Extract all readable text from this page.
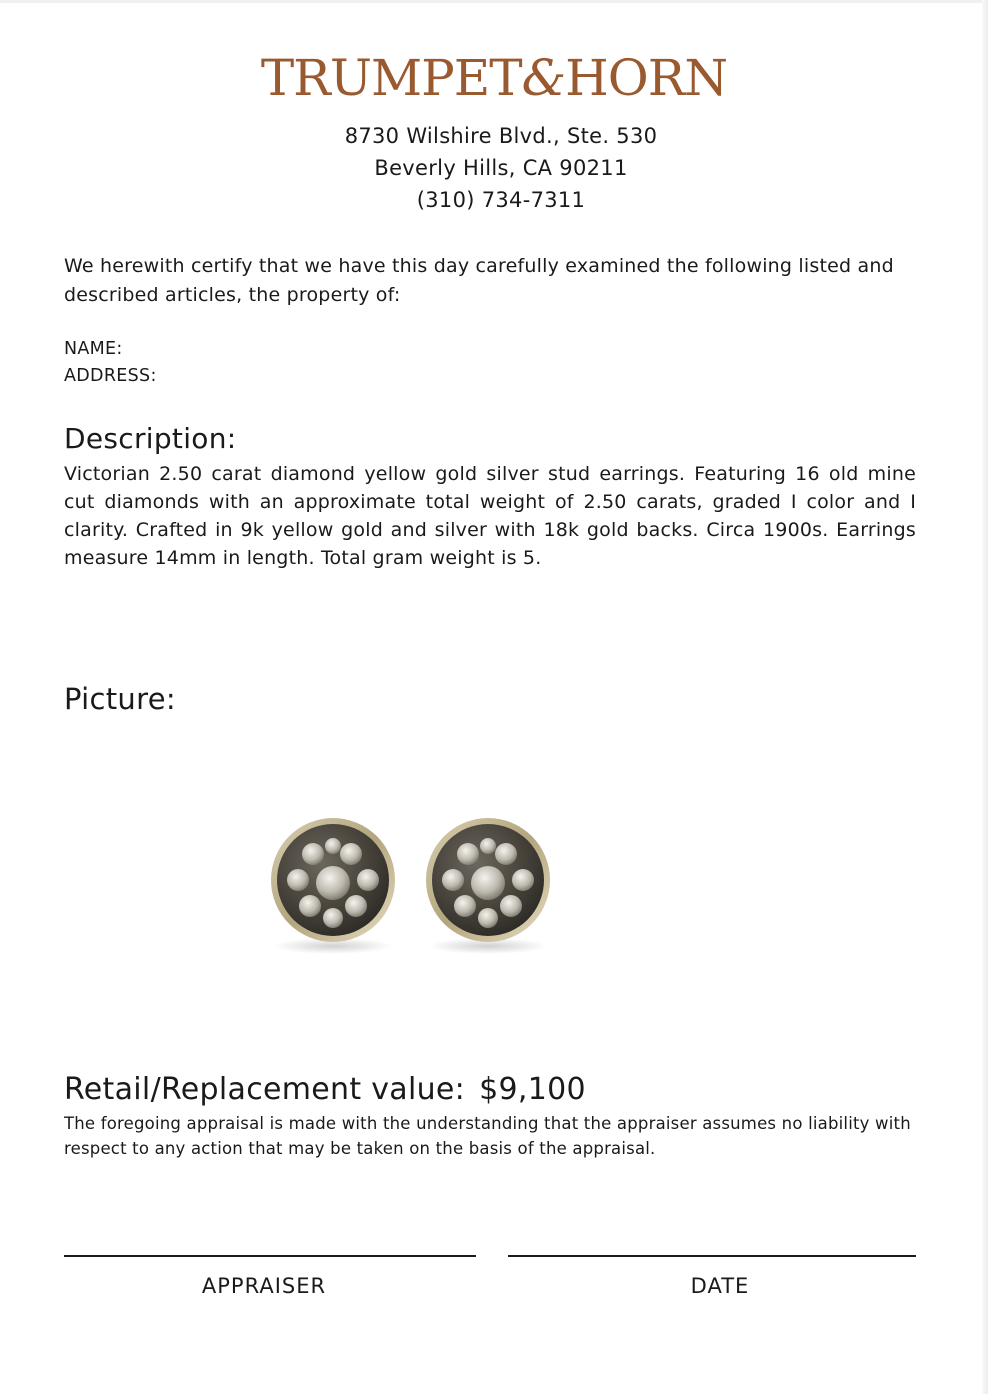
TRUMPET&HORN
8730 Wilshire Blvd., Ste. 530
Beverly Hills, CA 90211
(310) 734-7311
We herewith certify that we have this day carefully examined the following listed and described articles, the property of:
NAME:
ADDRESS:
Description:
Victorian 2.50 carat diamond yellow gold silver stud earrings. Featuring 16 old mine cut diamonds with an approximate total weight of 2.50 carats, graded I color and I clarity. Crafted in 9k yellow gold and silver with 18k gold backs. Circa 1900s. Earrings measure 14mm in length. Total gram weight is 5.
Picture:
Retail/Replacement value: $9,100
The foregoing appraisal is made with the understanding that the appraiser assumes no liability with respect to any action that may be taken on the basis of the appraisal.
APPRAISER	DATE
